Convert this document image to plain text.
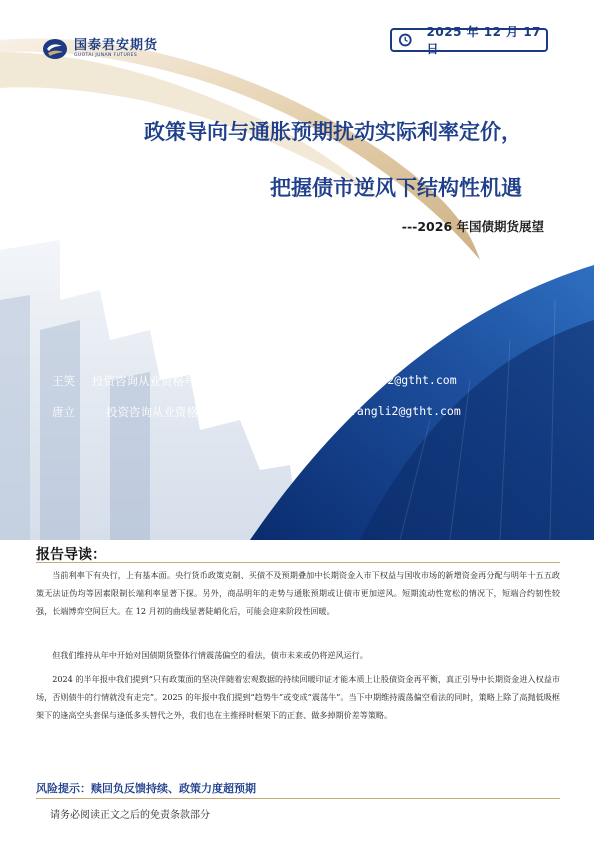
国泰君安期货
GUOTAI JUNAN FUTURES
2025 年 12 月 17 日
政策导向与通胀预期扰动实际利率定价，
把握债市逆风下结构性机遇
---2026 年国债期货展望
王笑 投资咨询从业资格号：Z0013736	Wangxiao2@gtht.com
唐立	投资咨询从业资格号：Z0021100	Tangli2@gtht.com
报告导读：

当前利率下有央行，上有基本面。央行货币政策克制、买债不及预期叠加中长期资金入市下权益与国收市场的新增资金再分配与明年十五五政策无法证伪均等因素限制长端利率显著下探。另外，商品明年的走势与通胀预期或让债市更加逆风。短期流动性宽松的情况下，短端合约韧性较强，长端博弈空间巨大。在 12 月初的曲线显著陡峭化后，可能会迎来阶段性回暖。

但我们维持从年中开始对国债期货整体行情震荡偏空的看法，债市未来或仍将逆风运行。

2024 的半年报中我们提到“只有政策面的坚决伴随着宏观数据的持续回暖印证才能本质上让股债资金再平衡，真正引导中长期资金进入权益市场，否则债牛的行情就没有走完”。2025 的年报中我们提到“趋势牛”或变成“震荡牛”。当下中期维持震荡偏空看法的同时，策略上除了高抛低吸框架下的逢高空头套保与逢低多头替代之外，我们也在主推择时框架下的正套、做多掉期价差等策略。

风险提示：赎回负反馈持续、政策力度超预期
请务必阅读正文之后的免责条款部分
